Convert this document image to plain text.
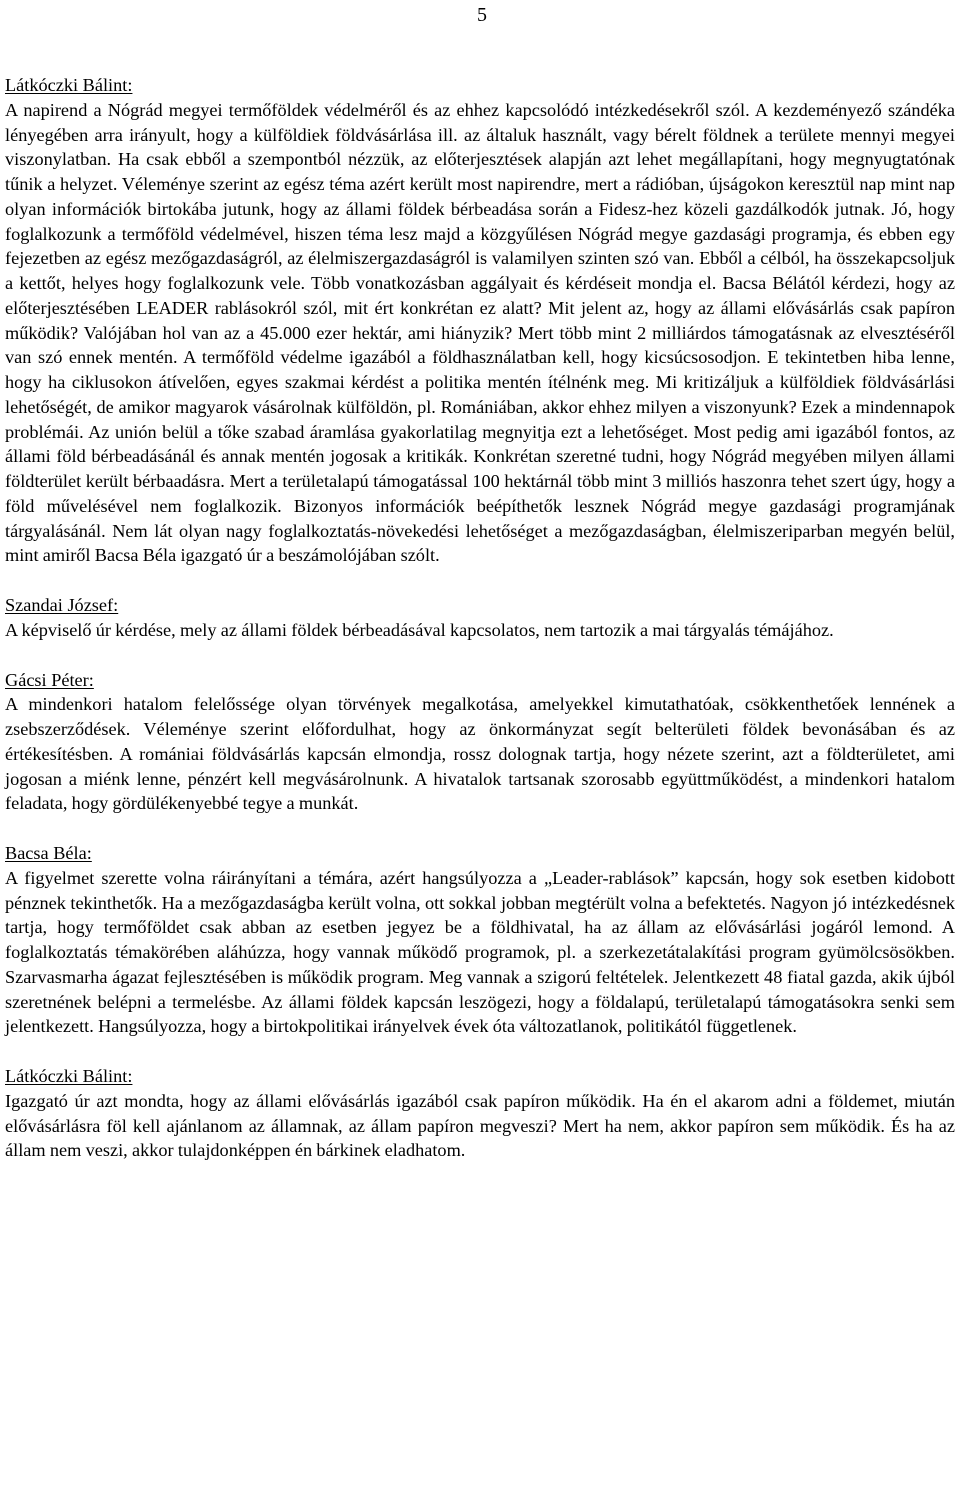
5
Látkóczki Bálint:

A napirend a Nógrád megyei termőföldek védelméről és az ehhez kapcsolódó intézkedésekről szól. A kezdeményező szándéka lényegében arra irányult, hogy a külföldiek földvásárlása ill. az általuk használt, vagy bérelt földnek a területe mennyi megyei viszonylatban. Ha csak ebből a szempontból nézzük, az előterjesztések alapján azt lehet megállapítani, hogy megnyugtatónak tűnik a helyzet. Véleménye szerint az egész téma azért került most napirendre, mert a rádióban, újságokon keresztül nap mint nap olyan információk birtokába jutunk, hogy az állami földek bérbeadása során a Fidesz-hez közeli gazdálkodók jutnak. Jó, hogy foglalkozunk a termőföld védelmével, hiszen téma lesz majd a közgyűlésen Nógrád megye gazdasági programja, és ebben egy fejezetben az egész mezőgazdaságról, az élelmiszergazdaságról is valamilyen szinten szó van. Ebből a célból, ha összekapcsoljuk a kettőt, helyes hogy foglalkozunk vele. Több vonatkozásban aggályait és kérdéseit mondja el. Bacsa Bélától kérdezi, hogy az előterjesztésében LEADER rablásokról szól, mit ért konkrétan ez alatt? Mit jelent az, hogy az állami elővásárlás csak papíron működik? Valójában hol van az a 45.000 ezer hektár, ami hiányzik? Mert több mint 2 milliárdos támogatásnak az elvesztéséről van szó ennek mentén. A termőföld védelme igazából a földhasználatban kell, hogy kicsúcsosodjon. E tekintetben hiba lenne, hogy ha ciklusokon átívelően, egyes szakmai kérdést a politika mentén ítélnénk meg. Mi kritizáljuk a külföldiek földvásárlási lehetőségét, de amikor magyarok vásárolnak külföldön, pl. Romániában, akkor ehhez milyen a viszonyunk? Ezek a mindennapok problémái. Az unión belül a tőke szabad áramlása gyakorlatilag megnyitja ezt a lehetőséget. Most pedig ami igazából fontos, az állami föld bérbeadásánál és annak mentén jogosak a kritikák. Konkrétan szeretné tudni, hogy Nógrád megyében milyen állami földterület került bérbaadásra. Mert a területalapú támogatással 100 hektárnál több mint 3 milliós haszonra tehet szert úgy, hogy a föld művelésével nem foglalkozik. Bizonyos információk beépíthetők lesznek Nógrád megye gazdasági programjának tárgyalásánál. Nem lát olyan nagy foglalkoztatás-növekedési lehetőséget a mezőgazdaságban, élelmiszeriparban megyén belül, mint amiről Bacsa Béla igazgató úr a beszámolójában szólt.

Szandai József:

A képviselő úr kérdése, mely az állami földek bérbeadásával kapcsolatos, nem tartozik a mai tárgyalás témájához.

Gácsi Péter:

A mindenkori hatalom felelőssége olyan törvények megalkotása, amelyekkel kimutathatóak, csökkenthetőek lennének a zsebszerződések. Véleménye szerint előfordulhat, hogy az önkormányzat segít belterületi földek bevonásában és az értékesítésben. A romániai földvásárlás kapcsán elmondja, rossz dolognak tartja, hogy nézete szerint, azt a földterületet, ami jogosan a miénk lenne, pénzért kell megvásárolnunk. A hivatalok tartsanak szorosabb együttműködést, a mindenkori hatalom feladata, hogy gördülékenyebbé tegye a munkát.

Bacsa Béla:

A figyelmet szerette volna ráirányítani a témára, azért hangsúlyozza a „Leader-rablások” kapcsán, hogy sok esetben kidobott pénznek tekinthetők. Ha a mezőgazdaságba került volna, ott sokkal jobban megtérült volna a befektetés. Nagyon jó intézkedésnek tartja, hogy termőföldet csak abban az esetben jegyez be a földhivatal, ha az állam az elővásárlási jogáról lemond. A foglalkoztatás témakörében aláhúzza, hogy vannak működő programok, pl. a szerkezetátalakítási program gyümölcsösökben. Szarvasmarha ágazat fejlesztésében is működik program. Meg vannak a szigorú feltételek. Jelentkezett 48 fiatal gazda, akik újból szeretnének belépni a termelésbe. Az állami földek kapcsán leszögezi, hogy a földalapú, területalapú támogatásokra senki sem jelentkezett. Hangsúlyozza, hogy a birtokpolitikai irányelvek évek óta változatlanok, politikától függetlenek.

Látkóczki Bálint:

Igazgató úr azt mondta, hogy az állami elővásárlás igazából csak papíron működik. Ha én el akarom adni a földemet, miután elővásárlásra föl kell ajánlanom az államnak, az állam papíron megveszi? Mert ha nem, akkor papíron sem működik. És ha az állam nem veszi, akkor tulajdonképpen én bárkinek eladhatom.
